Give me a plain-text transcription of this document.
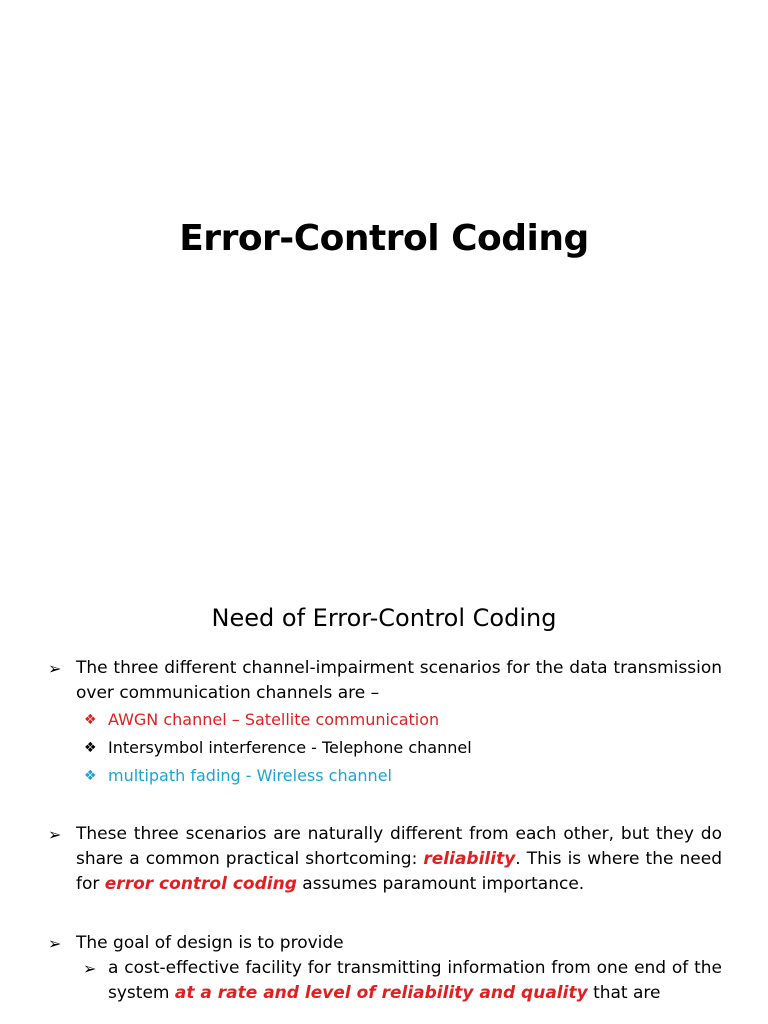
Error-Control Coding
Need of Error-Control Coding
➢ The three different channel-impairment scenarios for the data transmission over communication channels are –
❖ AWGN channel – Satellite communication
❖ Intersymbol interference - Telephone channel
❖ multipath fading - Wireless channel
➢ These three scenarios are naturally different from each other, but they do share a common practical shortcoming: reliability. This is where the need for error control coding assumes paramount importance.
➢ The goal of design is to provide
➢ a cost-effective facility for transmitting information from one end of the system at a rate and level of reliability and quality that are
